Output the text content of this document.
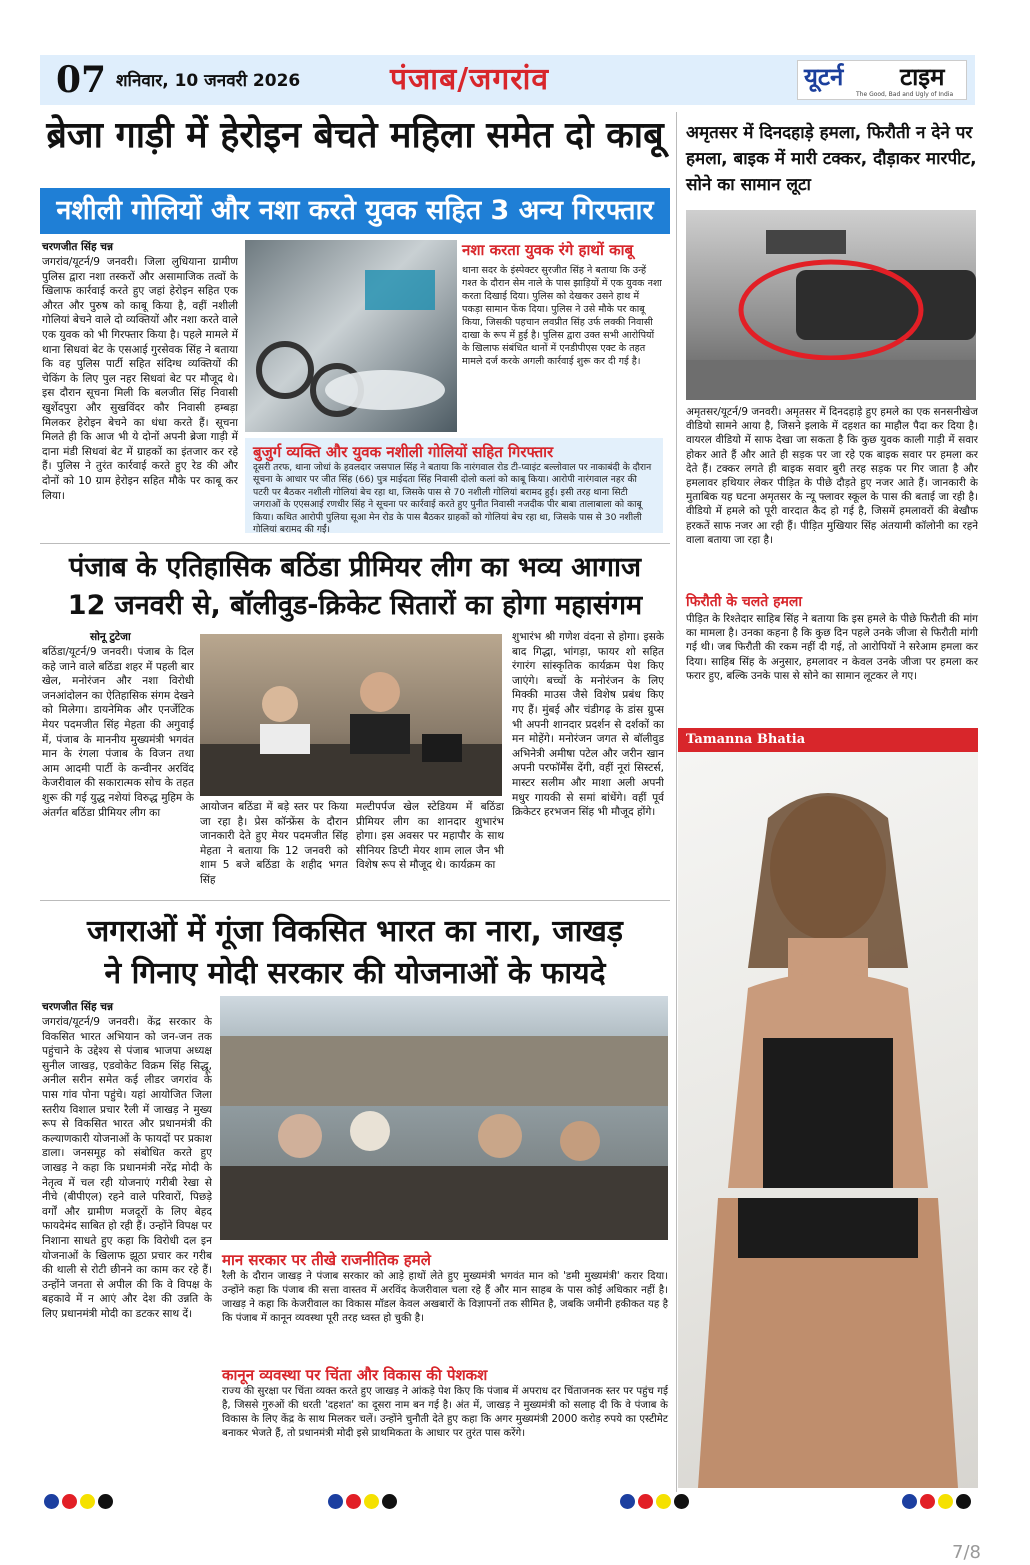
07 शनिवार, 10 जनवरी 2026	पंजाब/जगरांव	यूटर्न टाइम
The Good, Bad and Ugly of India
ब्रेजा गाड़ी में हेरोइन बेचते महिला समेत दो काबू
नशीली गोलियों और नशा करते युवक सहित 3 अन्य गिरफ्तार
चरणजीत सिंह चन्न
जगरांव/यूटर्न/9 जनवरी। जिला लुधियाना ग्रामीण पुलिस द्वारा नशा तस्करों और असामाजिक तत्वों के खिलाफ कार्रवाई करते हुए जहां हेरोइन सहित एक औरत और पुरुष को काबू किया है, वहीं नशीली गोलियां बेचने वाले दो व्यक्तियों और नशा करते वाले एक युवक को भी गिरफ्तार किया है। पहले मामले में थाना सिधवां बेट के एसआई गुरसेवक सिंह ने बताया कि वह पुलिस पार्टी सहित संदिग्ध व्यक्तियों की चेकिंग के लिए पुल नहर सिधवां बेट पर मौजूद थे। इस दौरान सूचना मिली कि बलजीत सिंह निवासी खुर्शेदपुरा और सुखविंदर कौर निवासी हम्बड़ा मिलकर हेरोइन बेचने का धंधा करते हैं। सूचना मिलते ही कि आज भी ये दोनों अपनी ब्रेजा गाड़ी में दाना मंडी सिधवां बेट में ग्राहकों का इंतजार कर रहे हैं। पुलिस ने तुरंत कार्रवाई करते हुए रेड की और दोनों को 10 ग्राम हेरोइन सहित मौके पर काबू कर लिया।
नशा करता युवक रंगे हाथों काबू
थाना सदर के इंस्पेक्टर सुरजीत सिंह ने बताया कि उन्हें गश्त के दौरान सेम नाले के पास झाड़ियों में एक युवक नशा करता दिखाई दिया। पुलिस को देखकर उसने हाथ में पकड़ा सामान फेंक दिया। पुलिस ने उसे मौके पर काबू किया, जिसकी पहचान लवप्रीत सिंह उर्फ लक्की निवासी दाखा के रूप में हुई है। पुलिस द्वारा उक्त सभी आरोपियों के खिलाफ संबंधित थानों में एनडीपीएस एक्ट के तहत मामले दर्ज करके अगली कार्रवाई शुरू कर दी गई है।
बुजुर्ग व्यक्ति और युवक नशीली गोलियों सहित गिरफ्तार
दूसरी तरफ, थाना जोधां के हवलदार जसपाल सिंह ने बताया कि नारंगवाल रोड टी-प्वाइंट बल्लोवाल पर नाकाबंदी के दौरान सूचना के आधार पर जीत सिंह (66) पुत्र माईदता सिंह निवासी दोलो कलां को काबू किया। आरोपी नारंगवाल नहर की पटरी पर बैठकर नशीली गोलियां बेच रहा था, जिसके पास से 70 नशीली गोलियां बरामद हुई। इसी तरह थाना सिटी जगराओं के एएसआई रणधीर सिंह ने सूचना पर कार्रवाई करते हुए पुनीत निवासी नजदीक पीर बाबा तालाबाला को काबू किया। कथित आरोपी पुलिया सूआ मेन रोड के पास बैठकर ग्राहकों को गोलियां बेच रहा था, जिसके पास से 30 नशीली गोलियां बरामद की गईं।
पंजाब के एतिहासिक बठिंडा प्रीमियर लीग का भव्य आगाज
12 जनवरी से, बॉलीवुड-क्रिकेट सितारों का होगा महासंगम
सोनू टुटेजा
बठिंडा/यूटर्न/9 जनवरी। पंजाब के दिल कहे जाने वाले बठिंडा शहर में पहली बार खेल, मनोरंजन और नशा विरोधी जनआंदोलन का ऐतिहासिक संगम देखने को मिलेगा। डायनेमिक और एनर्जेटिक मेयर पदमजीत सिंह मेहता की अगुवाई में, पंजाब के माननीय मुख्यमंत्री भगवंत मान के रंगला पंजाब के विजन तथा आम आदमी पार्टी के कन्वीनर अरविंद केजरीवाल की सकारात्मक सोच के तहत शुरू की गई युद्ध नशेयां विरुद्ध मुहिम के अंतर्गत बठिंडा प्रीमियर लीग का	आयोजन बठिंडा में बड़े स्तर पर किया जा रहा है। प्रेस कॉन्फ्रेंस के दौरान जानकारी देते हुए मेयर पदमजीत सिंह मेहता ने बताया कि 12 जनवरी को शाम 5 बजे बठिंडा के शहीद भगत सिंह
मल्टीपर्पज खेल स्टेडियम में बठिंडा प्रीमियर लीग का शानदार शुभारंभ होगा। इस अवसर पर महापौर के साथ सीनियर डिप्टी मेयर शाम लाल जैन भी विशेष रूप से मौजूद थे। कार्यक्रम का
शुभारंभ श्री गणेश वंदना से होगा। इसके बाद गिद्धा, भांगड़ा, फायर शो सहित रंगारंग सांस्कृतिक कार्यक्रम पेश किए जाएंगे। बच्चों के मनोरंजन के लिए मिक्की माउस जैसे विशेष प्रबंध किए गए हैं। मुंबई और चंडीगढ़ के डांस ग्रुप्स भी अपनी शानदार प्रदर्शन से दर्शकों का मन मोहेंगे। मनोरंजन जगत से बॉलीवुड अभिनेत्री अमीषा पटेल और जरीन खान अपनी परफॉर्मेंस देंगी, वहीं नूरां सिस्टर्स, मास्टर सलीम और माशा अली अपनी मधुर गायकी से समां बांधेंगे। वहीं पूर्व क्रिकेटर हरभजन सिंह भी मौजूद होंगे।
जगराओं में गूंजा विकसित भारत का नारा, जाखड़
ने गिनाए मोदी सरकार की योजनाओं के फायदे
चरणजीत सिंह चन्न
जगरांव/यूटर्न/9 जनवरी। केंद्र सरकार के विकसित भारत अभियान को जन-जन तक पहुंचाने के उद्देश्य से पंजाब भाजपा अध्यक्ष सुनील जाखड़, एडवोकेट विक्रम सिंह सिद्धू, अनील सरीन समेत कई लीडर जगरांव के पास गांव पोना पहुंचे। यहां आयोजित जिला स्तरीय विशाल प्रचार रैली में जाखड़ ने मुख्य रूप से विकसित भारत और प्रधानमंत्री की कल्याणकारी योजनाओं के फायदों पर प्रकाश डाला। जनसमूह को संबोधित करते हुए जाखड़ ने कहा कि प्रधानमंत्री नरेंद्र मोदी के नेतृत्व में चल रही योजनाएं गरीबी रेखा से नीचे (बीपीएल) रहने वाले परिवारों, पिछड़े वर्गों और ग्रामीण मजदूरों के लिए बेहद फायदेमंद साबित हो रही हैं। उन्होंने विपक्ष पर निशाना साधते हुए कहा कि विरोधी दल इन योजनाओं के खिलाफ झूठा प्रचार कर गरीब की थाली से रोटी छीनने का काम कर रहे हैं। उन्होंने जनता से अपील की कि वे विपक्ष के बहकावे में न आएं और देश की उन्नति के लिए प्रधानमंत्री मोदी का डटकर साथ दें।
मान सरकार पर तीखे राजनीतिक हमले
रैली के दौरान जाखड़ ने पंजाब सरकार को आड़े हाथों लेते हुए मुख्यमंत्री भगवंत मान को 'डमी मुख्यमंत्री' करार दिया। उन्होंने कहा कि पंजाब की सत्ता वास्तव में अरविंद केजरीवाल चला रहे हैं और मान साहब के पास कोई अधिकार नहीं है। जाखड़ ने कहा कि केजरीवाल का विकास मॉडल केवल अखबारों के विज्ञापनों तक सीमित है, जबकि जमीनी हकीकत यह है कि पंजाब में कानून व्यवस्था पूरी तरह ध्वस्त हो चुकी है।
कानून व्यवस्था पर चिंता और विकास की पेशकश
राज्य की सुरक्षा पर चिंता व्यक्त करते हुए जाखड़ ने आंकड़े पेश किए कि पंजाब में अपराध दर चिंताजनक स्तर पर पहुंच गई है, जिससे गुरुओं की धरती 'दहशत' का दूसरा नाम बन गई है। अंत में, जाखड़ ने मुख्यमंत्री को सलाह दी कि वे पंजाब के विकास के लिए केंद्र के साथ मिलकर चलें। उन्होंने चुनौती देते हुए कहा कि अगर मुख्यमंत्री 2000 करोड़ रुपये का एस्टीमेट बनाकर भेजते हैं, तो प्रधानमंत्री मोदी इसे प्राथमिकता के आधार पर तुरंत पास करेंगे।
अमृतसर में दिनदहाड़े हमला, फिरौती न देने पर हमला, बाइक में मारी टक्कर, दौड़ाकर मारपीट, सोने का सामान लूटा
अमृतसर/यूटर्न/9 जनवरी। अमृतसर में दिनदहाड़े हुए हमले का एक सनसनीखेज वीडियो सामने आया है, जिसने इलाके में दहशत का माहौल पैदा कर दिया है। वायरल वीडियो में साफ देखा जा सकता है कि कुछ युवक काली गाड़ी में सवार होकर आते हैं और आते ही सड़क पर जा रहे एक बाइक सवार पर हमला कर देते हैं। टक्कर लगते ही बाइक सवार बुरी तरह सड़क पर गिर जाता है और हमलावर हथियार लेकर पीड़ित के पीछे दौड़ते हुए नजर आते हैं। जानकारी के मुताबिक यह घटना अमृतसर के न्यू फ्लावर स्कूल के पास की बताई जा रही है। वीडियो में हमले को पूरी वारदात कैद हो गई है, जिसमें हमलावरों की बेखौफ हरकतें साफ नजर आ रही हैं। पीड़ित मुखियार सिंह अंतयामी कॉलोनी का रहने वाला बताया जा रहा है।
फिरौती के चलते हमला
पीड़ित के रिश्तेदार साहिब सिंह ने बताया कि इस हमले के पीछे फिरौती की मांग का मामला है। उनका कहना है कि कुछ दिन पहले उनके जीजा से फिरौती मांगी गई थी। जब फिरौती की रकम नहीं दी गई, तो आरोपियों ने सरेआम हमला कर दिया। साहिब सिंह के अनुसार, हमलावर न केवल उनके जीजा पर हमला कर फरार हुए, बल्कि उनके पास से सोने का सामान लूटकर ले गए।
Tamanna Bhatia
7/8
